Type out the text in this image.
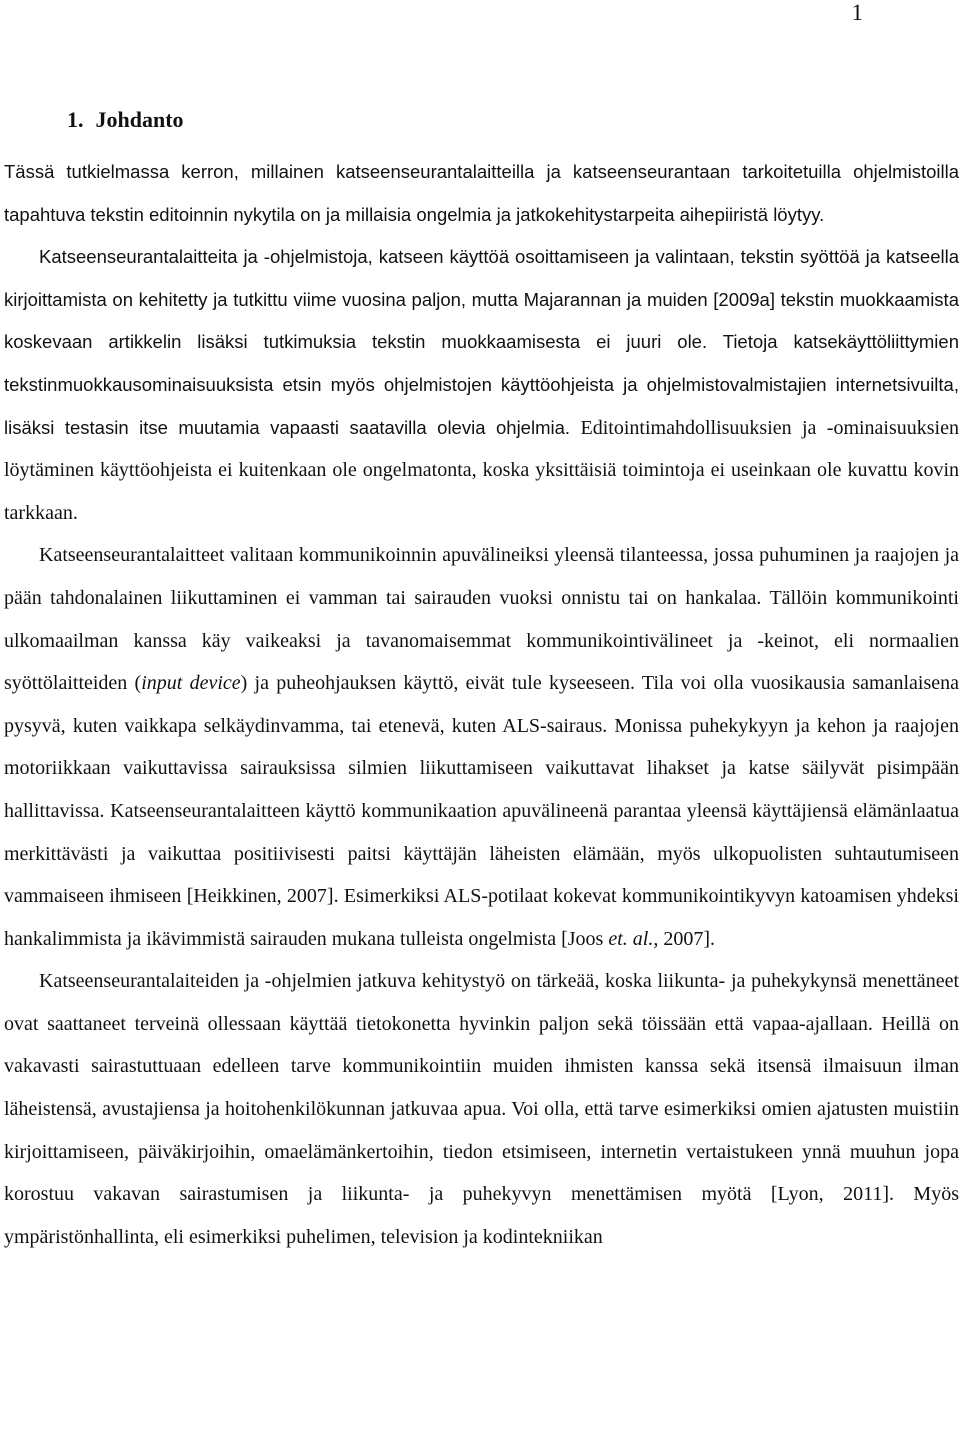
1
1. Johdanto

Tässä tutkielmassa kerron, millainen katseenseurantalaitteilla ja katseenseurantaan tarkoitetuilla ohjelmistoilla tapahtuva tekstin editoinnin nykytila on ja millaisia ongelmia ja jatkokehitystarpeita aihepiiristä löytyy.

Katseenseurantalaitteita ja -ohjelmistoja, katseen käyttöä osoittamiseen ja valintaan, tekstin syöttöä ja katseella kirjoittamista on kehitetty ja tutkittu viime vuosina paljon, mutta Majarannan ja muiden [2009a] tekstin muokkaamista koskevaan artikkelin lisäksi tutkimuksia tekstin muokkaamisesta ei juuri ole. Tietoja katsekäyttöliittymien tekstinmuokkausominaisuuksista etsin myös ohjelmistojen käyttöohjeista ja ohjelmistovalmistajien internetsivuilta, lisäksi testasin itse muutamia vapaasti saatavilla olevia ohjelmia. Editointimahdollisuuksien ja -ominaisuuksien löytäminen käyttöohjeista ei kuitenkaan ole ongelmatonta, koska yksittäisiä toimintoja ei useinkaan ole kuvattu kovin tarkkaan.

Katseenseurantalaitteet valitaan kommunikoinnin apuvälineiksi yleensä tilanteessa, jossa puhuminen ja raajojen ja pään tahdonalainen liikuttaminen ei vamman tai sairauden vuoksi onnistu tai on hankalaa. Tällöin kommunikointi ulkomaailman kanssa käy vaikeaksi ja tavanomaisemmat kommunikointivälineet ja -keinot, eli normaalien syöttölaitteiden (input device) ja puheohjauksen käyttö, eivät tule kyseeseen. Tila voi olla vuosikausia samanlaisena pysyvä, kuten vaikkapa selkäydinvamma, tai etenevä, kuten ALS-sairaus. Monissa puhekykyyn ja kehon ja raajojen motoriikkaan vaikuttavissa sairauksissa silmien liikuttamiseen vaikuttavat lihakset ja katse säilyvät pisimpään hallittavissa. Katseenseurantalaitteen käyttö kommunikaation apuvälineenä parantaa yleensä käyttäjiensä elämänlaatua merkittävästi ja vaikuttaa positiivisesti paitsi käyttäjän läheisten elämään, myös ulkopuolisten suhtautumiseen vammaiseen ihmiseen [Heikkinen, 2007]. Esimerkiksi ALS-potilaat kokevat kommunikointikyvyn katoamisen yhdeksi hankalimmista ja ikävimmistä sairauden mukana tulleista ongelmista [Joos et. al., 2007].

Katseenseurantalaiteiden ja -ohjelmien jatkuva kehitystyö on tärkeää, koska liikunta- ja puhekykynsä menettäneet ovat saattaneet terveinä ollessaan käyttää tietokonetta hyvinkin paljon sekä töissään että vapaa-ajallaan. Heillä on vakavasti sairastuttuaan edelleen tarve kommunikointiin muiden ihmisten kanssa sekä itsensä ilmaisuun ilman läheistensä, avustajiensa ja hoitohenkilökunnan jatkuvaa apua. Voi olla, että tarve esimerkiksi omien ajatusten muistiin kirjoittamiseen, päiväkirjoihin, omaelämänkertoihin, tiedon etsimiseen, internetin vertaistukeen ynnä muuhun jopa korostuu vakavan sairastumisen ja liikunta- ja puhekyvyn menettämisen myötä [Lyon, 2011]. Myös ympäristönhallinta, eli esimerkiksi puhelimen, television ja kodintekniikan
